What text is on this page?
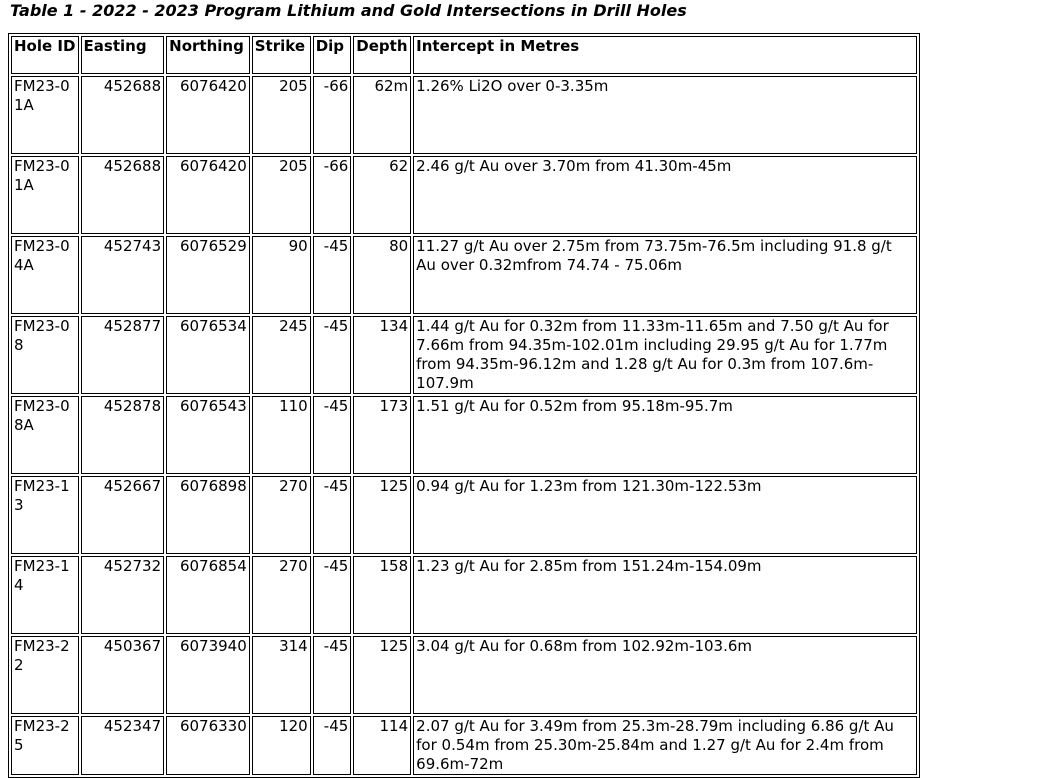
Table 1 - 2022 - 2023 Program Lithium and Gold Intersections in Drill Holes
Hole ID	Easting	Northing	Strike	Dip	Depth	Intercept in Metres
FM23-01A	452688	6076420	205	-66	62m	1.26% Li2O over 0-3.35m
FM23-01A	452688	6076420	205	-66	62	2.46 g/t Au over 3.70m from 41.30m-45m
FM23-04A	452743	6076529	90	-45	80	11.27 g/t Au over 2.75m from 73.75m-76.5m including 91.8 g/t Au over 0.32mfrom 74.74 - 75.06m
FM23-08	452877	6076534	245	-45	134	1.44 g/t Au for 0.32m from 11.33m-11.65m and 7.50 g/t Au for 7.66m from 94.35m-102.01m including 29.95 g/t Au for 1.77m from 94.35m-96.12m and 1.28 g/t Au for 0.3m from 107.6m-107.9m
FM23-08A	452878	6076543	110	-45	173	1.51 g/t Au for 0.52m from 95.18m-95.7m
FM23-13	452667	6076898	270	-45	125	0.94 g/t Au for 1.23m from 121.30m-122.53m
FM23-14	452732	6076854	270	-45	158	1.23 g/t Au for 2.85m from 151.24m-154.09m
FM23-22	450367	6073940	314	-45	125	3.04 g/t Au for 0.68m from 102.92m-103.6m
FM23-25	452347	6076330	120	-45	114	2.07 g/t Au for 3.49m from 25.3m-28.79m including 6.86 g/t Au for 0.54m from 25.30m-25.84m and 1.27 g/t Au for 2.4m from 69.6m-72m
